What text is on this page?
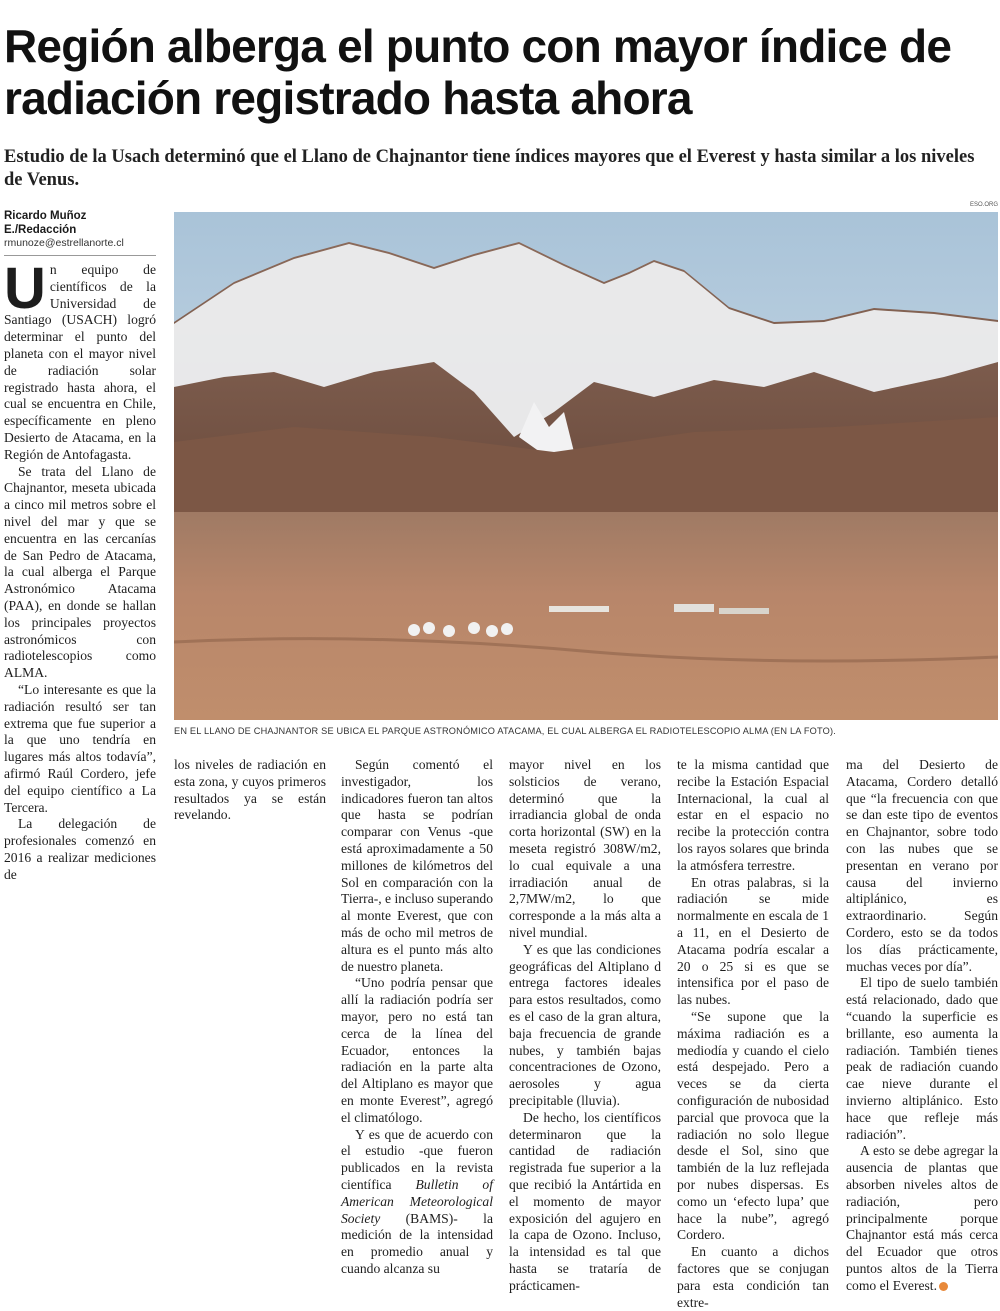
Región alberga el punto con mayor índice de radiación registrado hasta ahora

Estudio de la Usach determinó que el Llano de Chajnantor tiene índices mayores que el Everest y hasta similar a los niveles de Venus.

Ricardo Muñoz E./Redacción
rmunoze@estrellanorte.cl
ESO.ORG
EN EL LLANO DE CHAJNANTOR SE UBICA EL PARQUE ASTRONÓMICO ATACAMA, EL CUAL ALBERGA EL RADIOTELESCOPIO ALMA (EN LA FOTO).

Un equipo de científicos de la Universidad de Santiago (USACH) logró determinar el punto del planeta con el mayor nivel de radiación solar registrado hasta ahora, el cual se encuentra en Chile, específicamente en pleno Desierto de Atacama, en la Región de Antofagasta.

Se trata del Llano de Chajnantor, meseta ubicada a cinco mil metros sobre el nivel del mar y que se encuentra en las cercanías de San Pedro de Atacama, la cual alberga el Parque Astronómico Atacama (PAA), en donde se hallan los principales proyectos astronómicos con radiotelescopios como ALMA.

“Lo interesante es que la radiación resultó ser tan extrema que fue superior a la que uno tendría en lugares más altos todavía”, afirmó Raúl Cordero, jefe del equipo científico a La Tercera.

La delegación de profesionales comenzó en 2016 a realizar mediciones de

los niveles de radiación en esta zona, y cuyos primeros resultados ya se están revelando.

Según comentó el investigador, los indicadores fueron tan altos que hasta se podrían comparar con Venus -que está aproximadamente a 50 millones de kilómetros del Sol en comparación con la Tierra-, e incluso superando al monte Everest, que con más de ocho mil metros de altura es el punto más alto de nuestro planeta.

“Uno podría pensar que allí la radiación podría ser mayor, pero no está tan cerca de la línea del Ecuador, entonces la radiación en la parte alta del Altiplano es mayor que en monte Everest”, agregó el climatólogo.

Y es que de acuerdo con el estudio -que fueron publicados en la revista científica Bulletin of American Meteorological Society (BAMS)- la medición de la intensidad en promedio anual y cuando alcanza su

mayor nivel en los solsticios de verano, determinó que la irradiancia global de onda corta horizontal (SW) en la meseta registró 308W/m2, lo cual equivale a una irradiación anual de 2,7MW/m2, lo que corresponde a la más alta a nivel mundial.

Y es que las condiciones geográficas del Altiplano d entrega factores ideales para estos resultados, como es el caso de la gran altura, baja frecuencia de grande nubes, y también bajas concentraciones de Ozono, aerosoles y agua precipitable (lluvia).

De hecho, los científicos determinaron que la cantidad de radiación registrada fue superior a la que recibió la Antártida en el momento de mayor exposición del agujero en la capa de Ozono. Incluso, la intensidad es tal que hasta se trataría de prácticamen-

te la misma cantidad que recibe la Estación Espacial Internacional, la cual al estar en el espacio no recibe la protección contra los rayos solares que brinda la atmósfera terrestre.

En otras palabras, si la radiación se mide normalmente en escala de 1 a 11, en el Desierto de Atacama podría escalar a 20 o 25 si es que se intensifica por el paso de las nubes.

“Se supone que la máxima radiación es a mediodía y cuando el cielo está despejado. Pero a veces se da cierta configuración de nubosidad parcial que provoca que la radiación no solo llegue desde el Sol, sino que también de la luz reflejada por nubes dispersas. Es como un ‘efecto lupa’ que hace la nube”, agregó Cordero.

En cuanto a dichos factores que se conjugan para esta condición tan extre-

ma del Desierto de Atacama, Cordero detalló que “la frecuencia con que se dan este tipo de eventos en Chajnantor, sobre todo con las nubes que se presentan en verano por causa del invierno altiplánico, es extraordinario. Según Cordero, esto se da todos los días prácticamente, muchas veces por día”.

El tipo de suelo también está relacionado, dado que “cuando la superficie es brillante, eso aumenta la radiación. También tienes peak de radiación cuando cae nieve durante el invierno altiplánico. Esto hace que refleje más radiación”.

A esto se debe agregar la ausencia de plantas que absorben niveles altos de radiación, pero principalmente porque Chajnantor está más cerca del Ecuador que otros puntos altos de la Tierra como el Everest.
